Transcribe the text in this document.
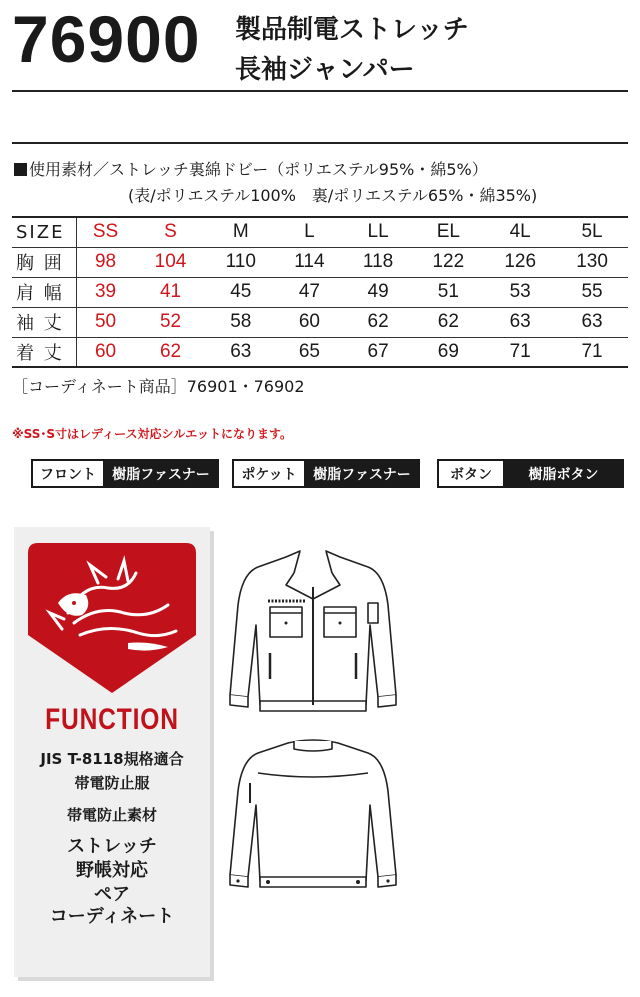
76900 製品制電ストレッチ
長袖ジャンパー
使用素材／ストレッチ裏綿ドビー（ポリエステル95%・綿5%）
(表/ポリエステル100%　裏/ポリエステル65%・綿35%)
SIZE	SS	S	M	L	LL	EL	4L	5L
胸 囲	98	104	110	114	118	122	126	130
肩 幅	39	41	45	47	49	51	53	55
袖 丈	50	52	58	60	62	62	63	63
着 丈	60	62	63	65	67	69	71	71
［コーディネート商品］76901・76902
※SS･S寸はレディース対応シルエットになります。
フロント	樹脂ファスナー	ポケット	樹脂ファスナー	ボタン	樹脂ボタン
FUNCTION
JIS T-8118規格適合
帯電防止服
帯電防止素材
ストレッチ
野帳対応
ペア
コーディネート
